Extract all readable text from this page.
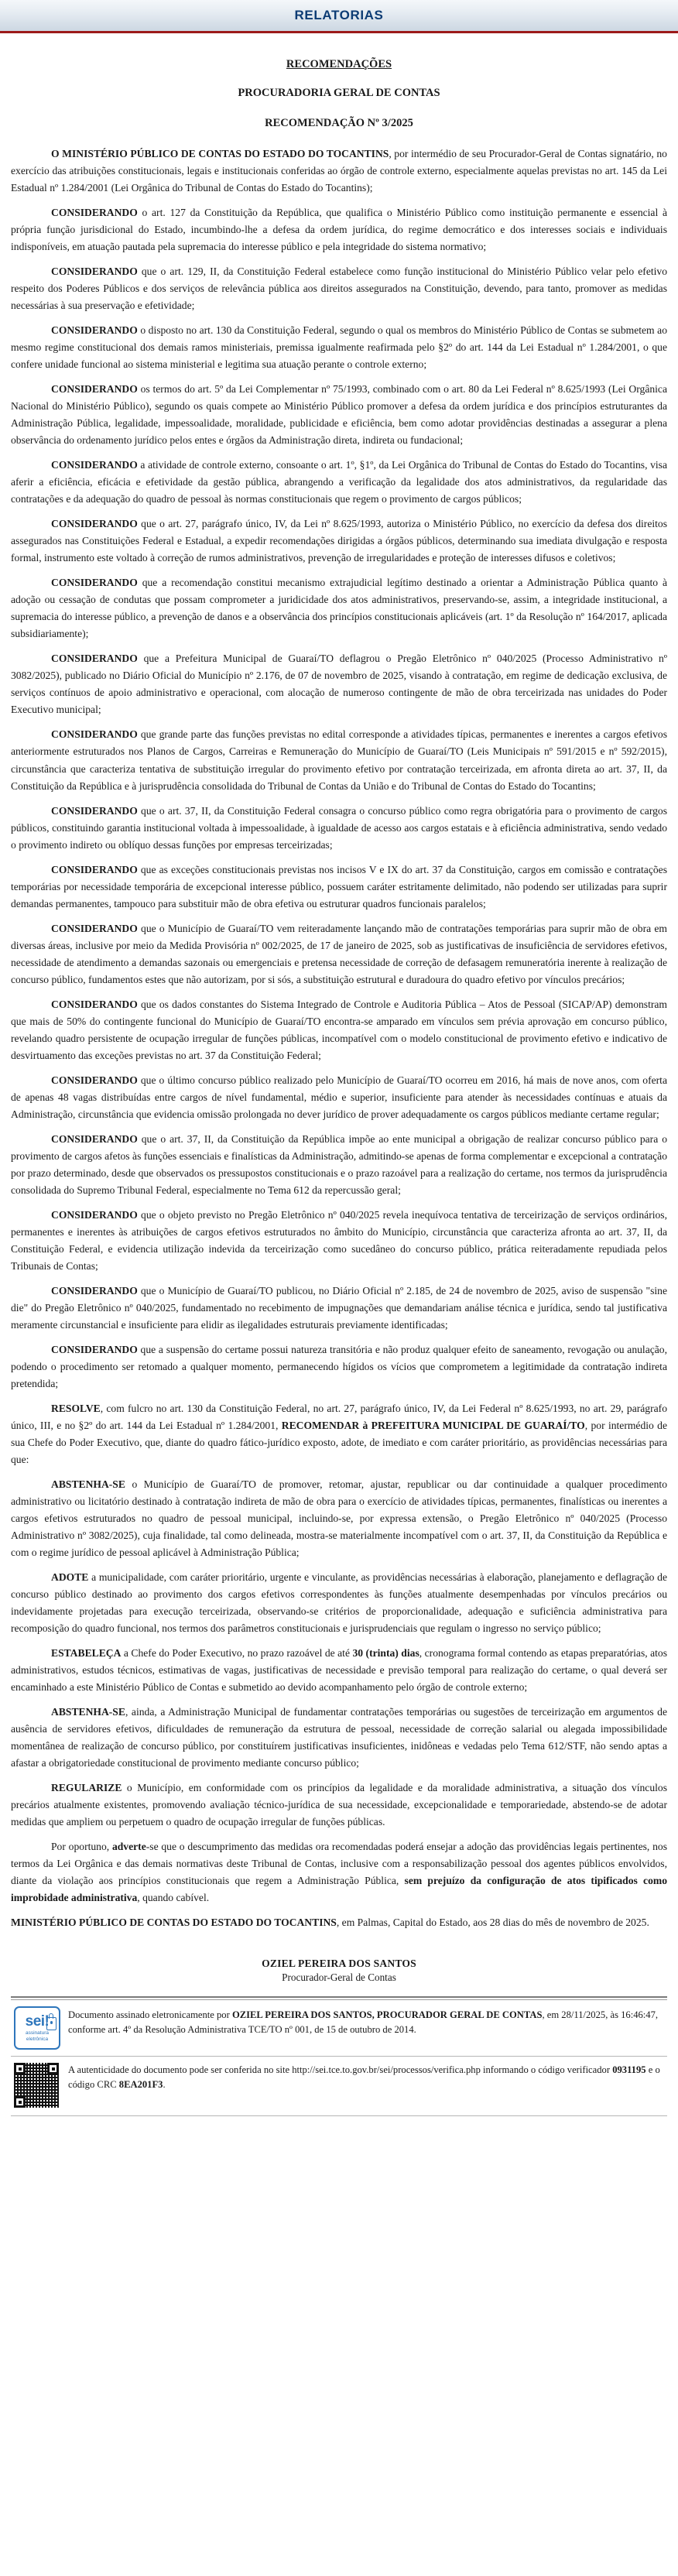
RELATORIAS
RECOMENDAÇÕES
PROCURADORIA GERAL DE CONTAS
RECOMENDAÇÃO Nº 3/2025

O MINISTÉRIO PÚBLICO DE CONTAS DO ESTADO DO TOCANTINS, por intermédio de seu Procurador-Geral de Contas signatário, no exercício das atribuições constitucionais, legais e institucionais conferidas ao órgão de controle externo, especialmente aquelas previstas no art. 145 da Lei Estadual nº 1.284/2001 (Lei Orgânica do Tribunal de Contas do Estado do Tocantins);

CONSIDERANDO o art. 127 da Constituição da República, que qualifica o Ministério Público como instituição permanente e essencial à própria função jurisdicional do Estado, incumbindo-lhe a defesa da ordem jurídica, do regime democrático e dos interesses sociais e individuais indisponíveis, em atuação pautada pela supremacia do interesse público e pela integridade do sistema normativo;

CONSIDERANDO que o art. 129, II, da Constituição Federal estabelece como função institucional do Ministério Público velar pelo efetivo respeito dos Poderes Públicos e dos serviços de relevância pública aos direitos assegurados na Constituição, devendo, para tanto, promover as medidas necessárias à sua preservação e efetividade;

CONSIDERANDO o disposto no art. 130 da Constituição Federal, segundo o qual os membros do Ministério Público de Contas se submetem ao mesmo regime constitucional dos demais ramos ministeriais, premissa igualmente reafirmada pelo §2º do art. 144 da Lei Estadual nº 1.284/2001, o que confere unidade funcional ao sistema ministerial e legitima sua atuação perante o controle externo;

CONSIDERANDO os termos do art. 5º da Lei Complementar nº 75/1993, combinado com o art. 80 da Lei Federal nº 8.625/1993 (Lei Orgânica Nacional do Ministério Público), segundo os quais compete ao Ministério Público promover a defesa da ordem jurídica e dos princípios estruturantes da Administração Pública, legalidade, impessoalidade, moralidade, publicidade e eficiência, bem como adotar providências destinadas a assegurar a plena observância do ordenamento jurídico pelos entes e órgãos da Administração direta, indireta ou fundacional;

CONSIDERANDO a atividade de controle externo, consoante o art. 1º, §1º, da Lei Orgânica do Tribunal de Contas do Estado do Tocantins, visa aferir a eficiência, eficácia e efetividade da gestão pública, abrangendo a verificação da legalidade dos atos administrativos, da regularidade das contratações e da adequação do quadro de pessoal às normas constitucionais que regem o provimento de cargos públicos;

CONSIDERANDO que o art. 27, parágrafo único, IV, da Lei nº 8.625/1993, autoriza o Ministério Público, no exercício da defesa dos direitos assegurados nas Constituições Federal e Estadual, a expedir recomendações dirigidas a órgãos públicos, determinando sua imediata divulgação e resposta formal, instrumento este voltado à correção de rumos administrativos, prevenção de irregularidades e proteção de interesses difusos e coletivos;

CONSIDERANDO que a recomendação constitui mecanismo extrajudicial legítimo destinado a orientar a Administração Pública quanto à adoção ou cessação de condutas que possam comprometer a juridicidade dos atos administrativos, preservando-se, assim, a integridade institucional, a supremacia do interesse público, a prevenção de danos e a observância dos princípios constitucionais aplicáveis (art. 1º da Resolução nº 164/2017, aplicada subsidiariamente);

CONSIDERANDO que a Prefeitura Municipal de Guaraí/TO deflagrou o Pregão Eletrônico nº 040/2025 (Processo Administrativo nº 3082/2025), publicado no Diário Oficial do Município nº 2.176, de 07 de novembro de 2025, visando à contratação, em regime de dedicação exclusiva, de serviços contínuos de apoio administrativo e operacional, com alocação de numeroso contingente de mão de obra terceirizada nas unidades do Poder Executivo municipal;

CONSIDERANDO que grande parte das funções previstas no edital corresponde a atividades típicas, permanentes e inerentes a cargos efetivos anteriormente estruturados nos Planos de Cargos, Carreiras e Remuneração do Município de Guaraí/TO (Leis Municipais nº 591/2015 e nº 592/2015), circunstância que caracteriza tentativa de substituição irregular do provimento efetivo por contratação terceirizada, em afronta direta ao art. 37, II, da Constituição da República e à jurisprudência consolidada do Tribunal de Contas da União e do Tribunal de Contas do Estado do Tocantins;

CONSIDERANDO que o art. 37, II, da Constituição Federal consagra o concurso público como regra obrigatória para o provimento de cargos públicos, constituindo garantia institucional voltada à impessoalidade, à igualdade de acesso aos cargos estatais e à eficiência administrativa, sendo vedado o provimento indireto ou oblíquo dessas funções por empresas terceirizadas;

CONSIDERANDO que as exceções constitucionais previstas nos incisos V e IX do art. 37 da Constituição, cargos em comissão e contratações temporárias por necessidade temporária de excepcional interesse público, possuem caráter estritamente delimitado, não podendo ser utilizadas para suprir demandas permanentes, tampouco para substituir mão de obra efetiva ou estruturar quadros funcionais paralelos;

CONSIDERANDO que o Município de Guaraí/TO vem reiteradamente lançando mão de contratações temporárias para suprir mão de obra em diversas áreas, inclusive por meio da Medida Provisória nº 002/2025, de 17 de janeiro de 2025, sob as justificativas de insuficiência de servidores efetivos, necessidade de atendimento a demandas sazonais ou emergenciais e pretensa necessidade de correção de defasagem remuneratória inerente à realização de concurso público, fundamentos estes que não autorizam, por si sós, a substituição estrutural e duradoura do quadro efetivo por vínculos precários;

CONSIDERANDO que os dados constantes do Sistema Integrado de Controle e Auditoria Pública – Atos de Pessoal (SICAP/AP) demonstram que mais de 50% do contingente funcional do Município de Guaraí/TO encontra-se amparado em vínculos sem prévia aprovação em concurso público, revelando quadro persistente de ocupação irregular de funções públicas, incompatível com o modelo constitucional de provimento efetivo e indicativo de desvirtuamento das exceções previstas no art. 37 da Constituição Federal;

CONSIDERANDO que o último concurso público realizado pelo Município de Guaraí/TO ocorreu em 2016, há mais de nove anos, com oferta de apenas 48 vagas distribuídas entre cargos de nível fundamental, médio e superior, insuficiente para atender às necessidades contínuas e atuais da Administração, circunstância que evidencia omissão prolongada no dever jurídico de prover adequadamente os cargos públicos mediante certame regular;

CONSIDERANDO que o art. 37, II, da Constituição da República impõe ao ente municipal a obrigação de realizar concurso público para o provimento de cargos afetos às funções essenciais e finalísticas da Administração, admitindo-se apenas de forma complementar e excepcional a contratação por prazo determinado, desde que observados os pressupostos constitucionais e o prazo razoável para a realização do certame, nos termos da jurisprudência consolidada do Supremo Tribunal Federal, especialmente no Tema 612 da repercussão geral;

CONSIDERANDO que o objeto previsto no Pregão Eletrônico nº 040/2025 revela inequívoca tentativa de terceirização de serviços ordinários, permanentes e inerentes às atribuições de cargos efetivos estruturados no âmbito do Município, circunstância que caracteriza afronta ao art. 37, II, da Constituição Federal, e evidencia utilização indevida da terceirização como sucedâneo do concurso público, prática reiteradamente repudiada pelos Tribunais de Contas;

CONSIDERANDO que o Município de Guaraí/TO publicou, no Diário Oficial nº 2.185, de 24 de novembro de 2025, aviso de suspensão "sine die" do Pregão Eletrônico nº 040/2025, fundamentado no recebimento de impugnações que demandariam análise técnica e jurídica, sendo tal justificativa meramente circunstancial e insuficiente para elidir as ilegalidades estruturais previamente identificadas;

CONSIDERANDO que a suspensão do certame possui natureza transitória e não produz qualquer efeito de saneamento, revogação ou anulação, podendo o procedimento ser retomado a qualquer momento, permanecendo hígidos os vícios que comprometem a legitimidade da contratação indireta pretendida;

RESOLVE, com fulcro no art. 130 da Constituição Federal, no art. 27, parágrafo único, IV, da Lei Federal nº 8.625/1993, no art. 29, parágrafo único, III, e no §2º do art. 144 da Lei Estadual nº 1.284/2001, RECOMENDAR à PREFEITURA MUNICIPAL DE GUARAÍ/TO, por intermédio de sua Chefe do Poder Executivo, que, diante do quadro fático-jurídico exposto, adote, de imediato e com caráter prioritário, as providências necessárias para que:

ABSTENHA-SE o Município de Guaraí/TO de promover, retomar, ajustar, republicar ou dar continuidade a qualquer procedimento administrativo ou licitatório destinado à contratação indireta de mão de obra para o exercício de atividades típicas, permanentes, finalísticas ou inerentes a cargos efetivos estruturados no quadro de pessoal municipal, incluindo-se, por expressa extensão, o Pregão Eletrônico nº 040/2025 (Processo Administrativo nº 3082/2025), cuja finalidade, tal como delineada, mostra-se materialmente incompatível com o art. 37, II, da Constituição da República e com o regime jurídico de pessoal aplicável à Administração Pública;

ADOTE a municipalidade, com caráter prioritário, urgente e vinculante, as providências necessárias à elaboração, planejamento e deflagração de concurso público destinado ao provimento dos cargos efetivos correspondentes às funções atualmente desempenhadas por vínculos precários ou indevidamente projetadas para execução terceirizada, observando-se critérios de proporcionalidade, adequação e suficiência administrativa para recomposição do quadro funcional, nos termos dos parâmetros constitucionais e jurisprudenciais que regulam o ingresso no serviço público;

ESTABELEÇA a Chefe do Poder Executivo, no prazo razoável de até 30 (trinta) dias, cronograma formal contendo as etapas preparatórias, atos administrativos, estudos técnicos, estimativas de vagas, justificativas de necessidade e previsão temporal para realização do certame, o qual deverá ser encaminhado a este Ministério Público de Contas e submetido ao devido acompanhamento pelo órgão de controle externo;

ABSTENHA-SE, ainda, a Administração Municipal de fundamentar contratações temporárias ou sugestões de terceirização em argumentos de ausência de servidores efetivos, dificuldades de remuneração da estrutura de pessoal, necessidade de correção salarial ou alegada impossibilidade momentânea de realização de concurso público, por constituírem justificativas insuficientes, inidôneas e vedadas pelo Tema 612/STF, não sendo aptas a afastar a obrigatoriedade constitucional de provimento mediante concurso público;

REGULARIZE o Município, em conformidade com os princípios da legalidade e da moralidade administrativa, a situação dos vínculos precários atualmente existentes, promovendo avaliação técnico-jurídica de sua necessidade, excepcionalidade e temporariedade, abstendo-se de adotar medidas que ampliem ou perpetuem o quadro de ocupação irregular de funções públicas.

Por oportuno, adverte-se que o descumprimento das medidas ora recomendadas poderá ensejar a adoção das providências legais pertinentes, nos termos da Lei Orgânica e das demais normativas deste Tribunal de Contas, inclusive com a responsabilização pessoal dos agentes públicos envolvidos, diante da violação aos princípios constitucionais que regem a Administração Pública, sem prejuízo da configuração de atos tipificados como improbidade administrativa, quando cabível.

MINISTÉRIO PÚBLICO DE CONTAS DO ESTADO DO TOCANTINS, em Palmas, Capital do Estado, aos 28 dias do mês de novembro de 2025.

OZIEL PEREIRA DOS SANTOS
Procurador-Geral de Contas
sei!
assinatura
eletrônica
Documento assinado eletronicamente por OZIEL PEREIRA DOS SANTOS, PROCURADOR GERAL DE CONTAS, em 28/11/2025, às 16:46:47, conforme art. 4º da Resolução Administrativa TCE/TO nº 001, de 15 de outubro de 2014.
A autenticidade do documento pode ser conferida no site http://sei.tce.to.gov.br/sei/processos/verifica.php informando o código verificador 0931195 e o código CRC 8EA201F3.
